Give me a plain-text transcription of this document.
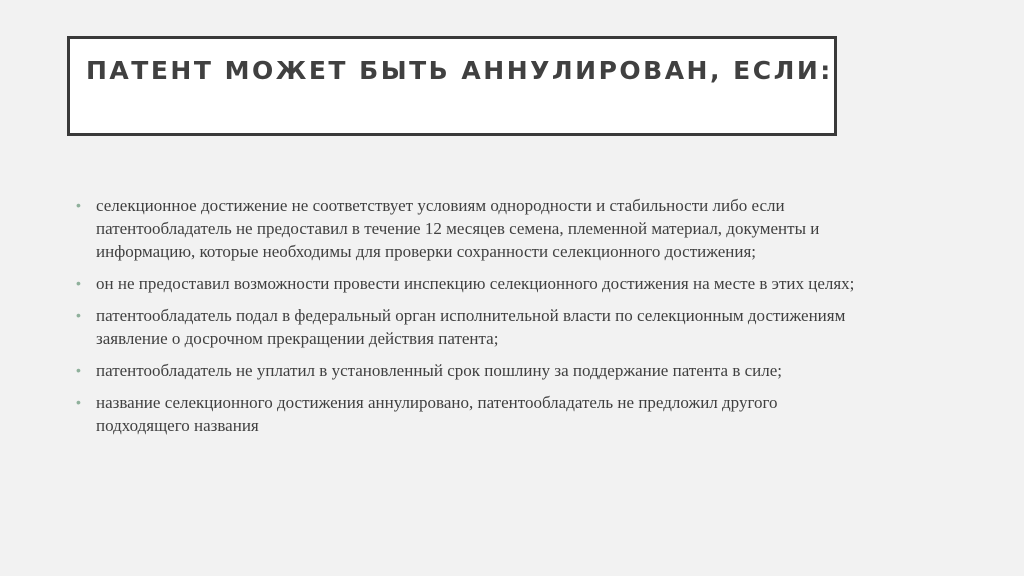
ПАТЕНТ МОЖЕТ БЫТЬ АННУЛИРОВАН, ЕСЛИ:
• селекционное достижение не соответствует условиям однородности и стабильности либо если патентообладатель не предоставил в течение 12 месяцев семена, племенной материал, документы и информацию, которые необходимы для проверки сохранности селекционного достижения;
• он не предоставил возможности провести инспекцию селекционного достижения на месте в этих целях;
• патентообладатель подал в федеральный орган исполнительной власти по селекционным достижениям заявление о досрочном прекращении действия патента;
• патентообладатель не уплатил в установленный срок пошлину за поддержание патента в силе;
• название селекционного достижения аннулировано, патентообладатель не предложил другого подходящего названия
